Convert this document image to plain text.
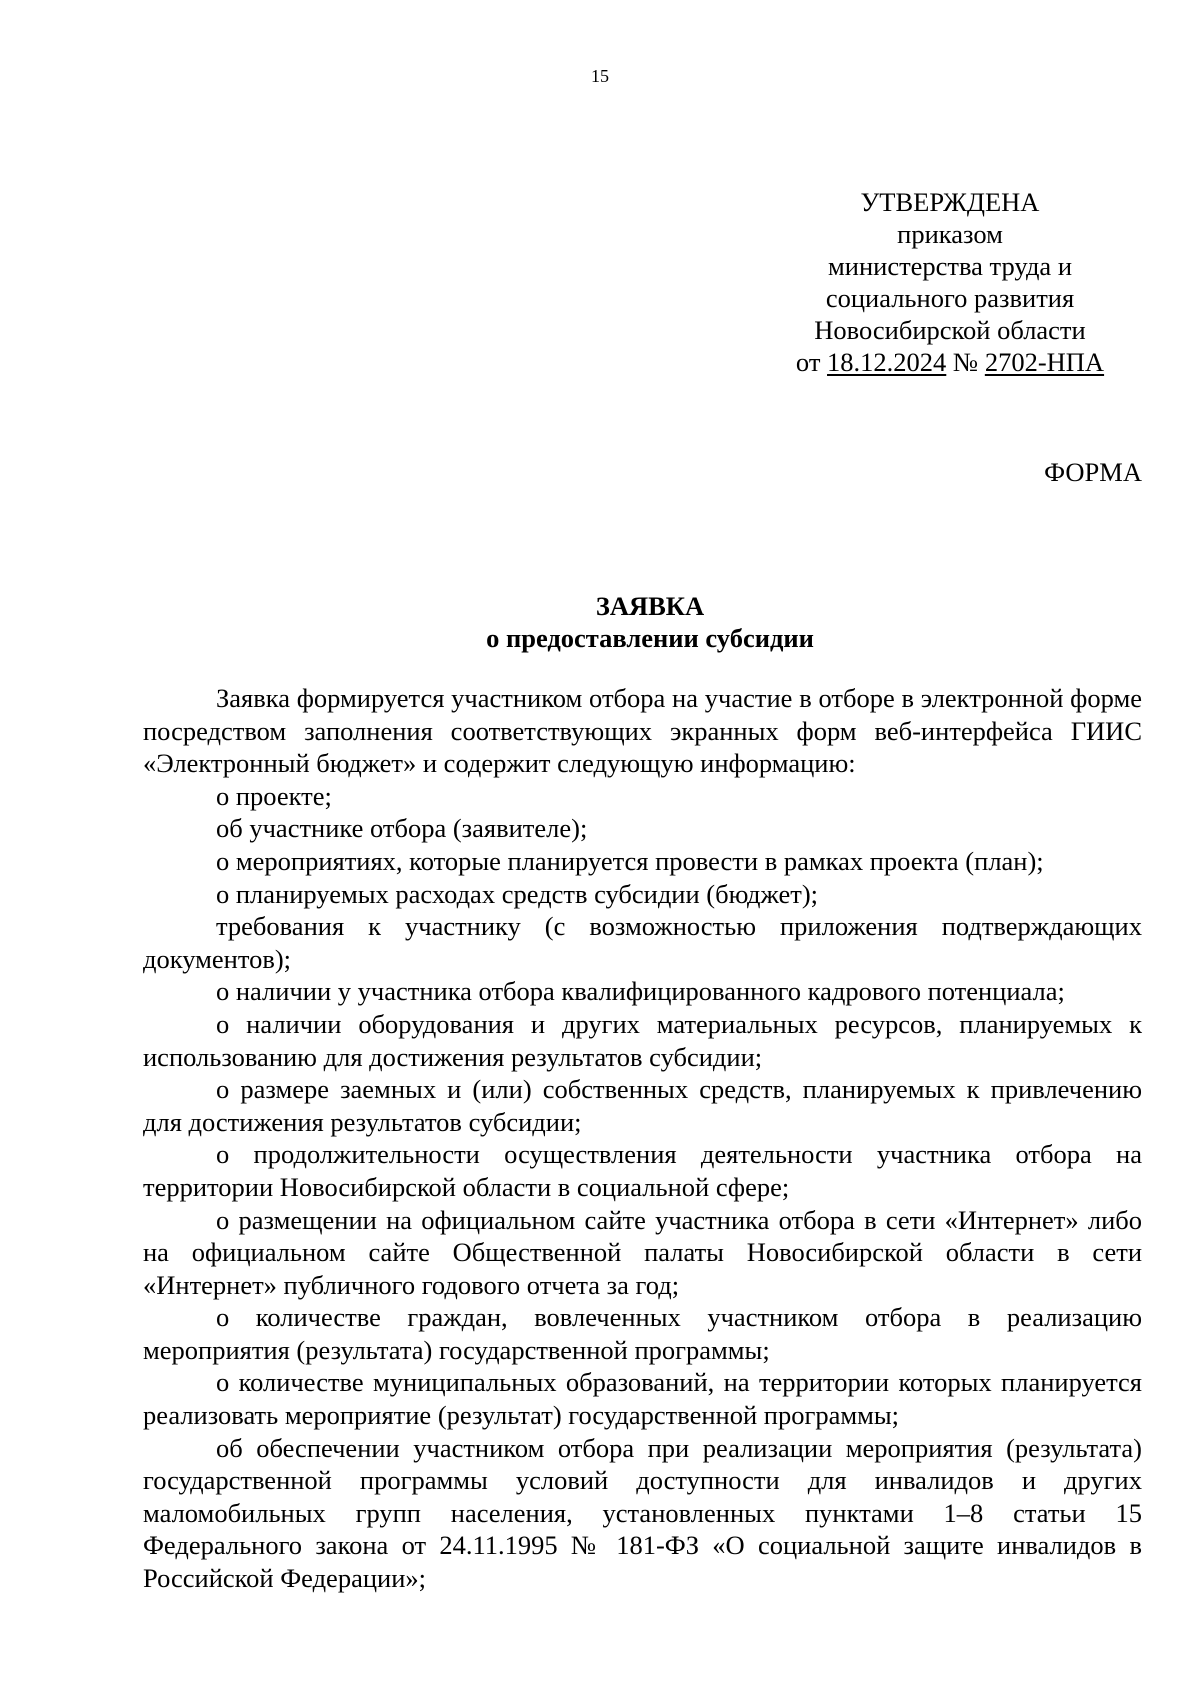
15
УТВЕРЖДЕНА
приказом
министерства труда и
социального развития
Новосибирской области
от 18.12.2024 № 2702-НПА
ФОРМА
ЗАЯВКА
о предоставлении субсидии

Заявка формируется участником отбора на участие в отборе в электронной форме посредством заполнения соответствующих экранных форм веб-интерфейса ГИИС «Электронный бюджет» и содержит следующую информацию:

о проекте;

об участнике отбора (заявителе);

о мероприятиях, которые планируется провести в рамках проекта (план);

о планируемых расходах средств субсидии (бюджет);

требования к участнику (с возможностью приложения подтверждающих документов);

о наличии у участника отбора квалифицированного кадрового потенциала;

о наличии оборудования и других материальных ресурсов, планируемых к использованию для достижения результатов субсидии;

о размере заемных и (или) собственных средств, планируемых к привлечению для достижения результатов субсидии;

о продолжительности осуществления деятельности участника отбора на территории Новосибирской области в социальной сфере;

о размещении на официальном сайте участника отбора в сети «Интернет» либо на официальном сайте Общественной палаты Новосибирской области в сети «Интернет» публичного годового отчета за год;

о количестве граждан, вовлеченных участником отбора в реализацию мероприятия (результата) государственной программы;

о количестве муниципальных образований, на территории которых планируется реализовать мероприятие (результат) государственной программы;

об обеспечении участником отбора при реализации мероприятия (результата) государственной программы условий доступности для инвалидов и других маломобильных групп населения, установленных пунктами 1–8 статьи 15 Федерального закона от 24.11.1995 № 181-ФЗ «О социальной защите инвалидов в Российской Федерации»;
